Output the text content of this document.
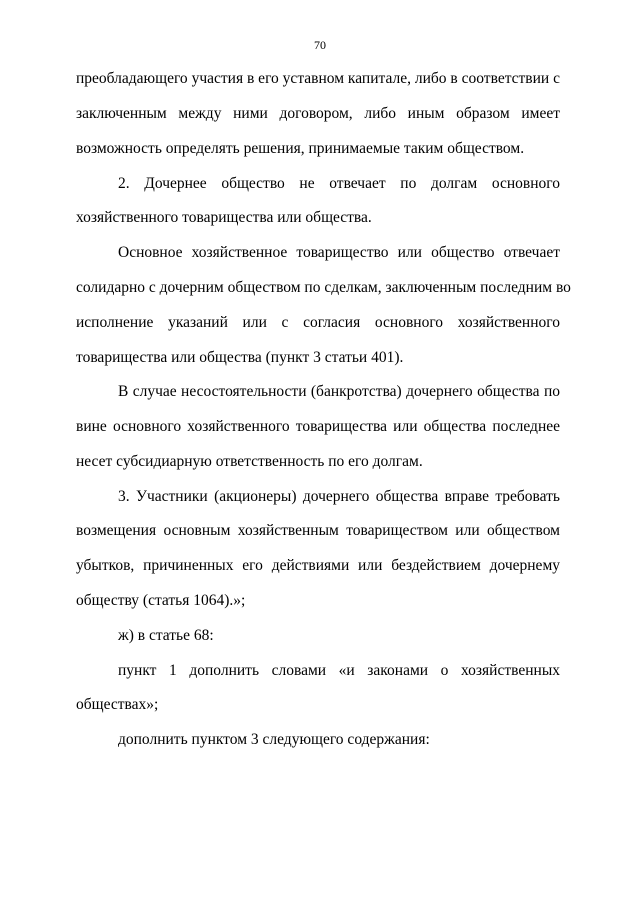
70
преобладающего участия в его уставном капитале, либо в соответствии с
заключенным между ними договором, либо иным образом имеет
возможность определять решения, принимаемые таким обществом.
2. Дочернее общество не отвечает по долгам основного
хозяйственного товарищества или общества.
Основное хозяйственное товарищество или общество отвечает
солидарно с дочерним обществом по сделкам, заключенным последним во
исполнение указаний или с согласия основного хозяйственного
товарищества или общества (пункт 3 статьи 401).
В случае несостоятельности (банкротства) дочернего общества по
вине основного хозяйственного товарищества или общества последнее
несет субсидиарную ответственность по его долгам.
3. Участники (акционеры) дочернего общества вправе требовать
возмещения основным хозяйственным товариществом или обществом
убытков, причиненных его действиями или бездействием дочернему
обществу (статья 1064).»;
ж) в статье 68:
пункт 1 дополнить словами «и законами о хозяйственных
обществах»;
дополнить пунктом 3 следующего содержания:
